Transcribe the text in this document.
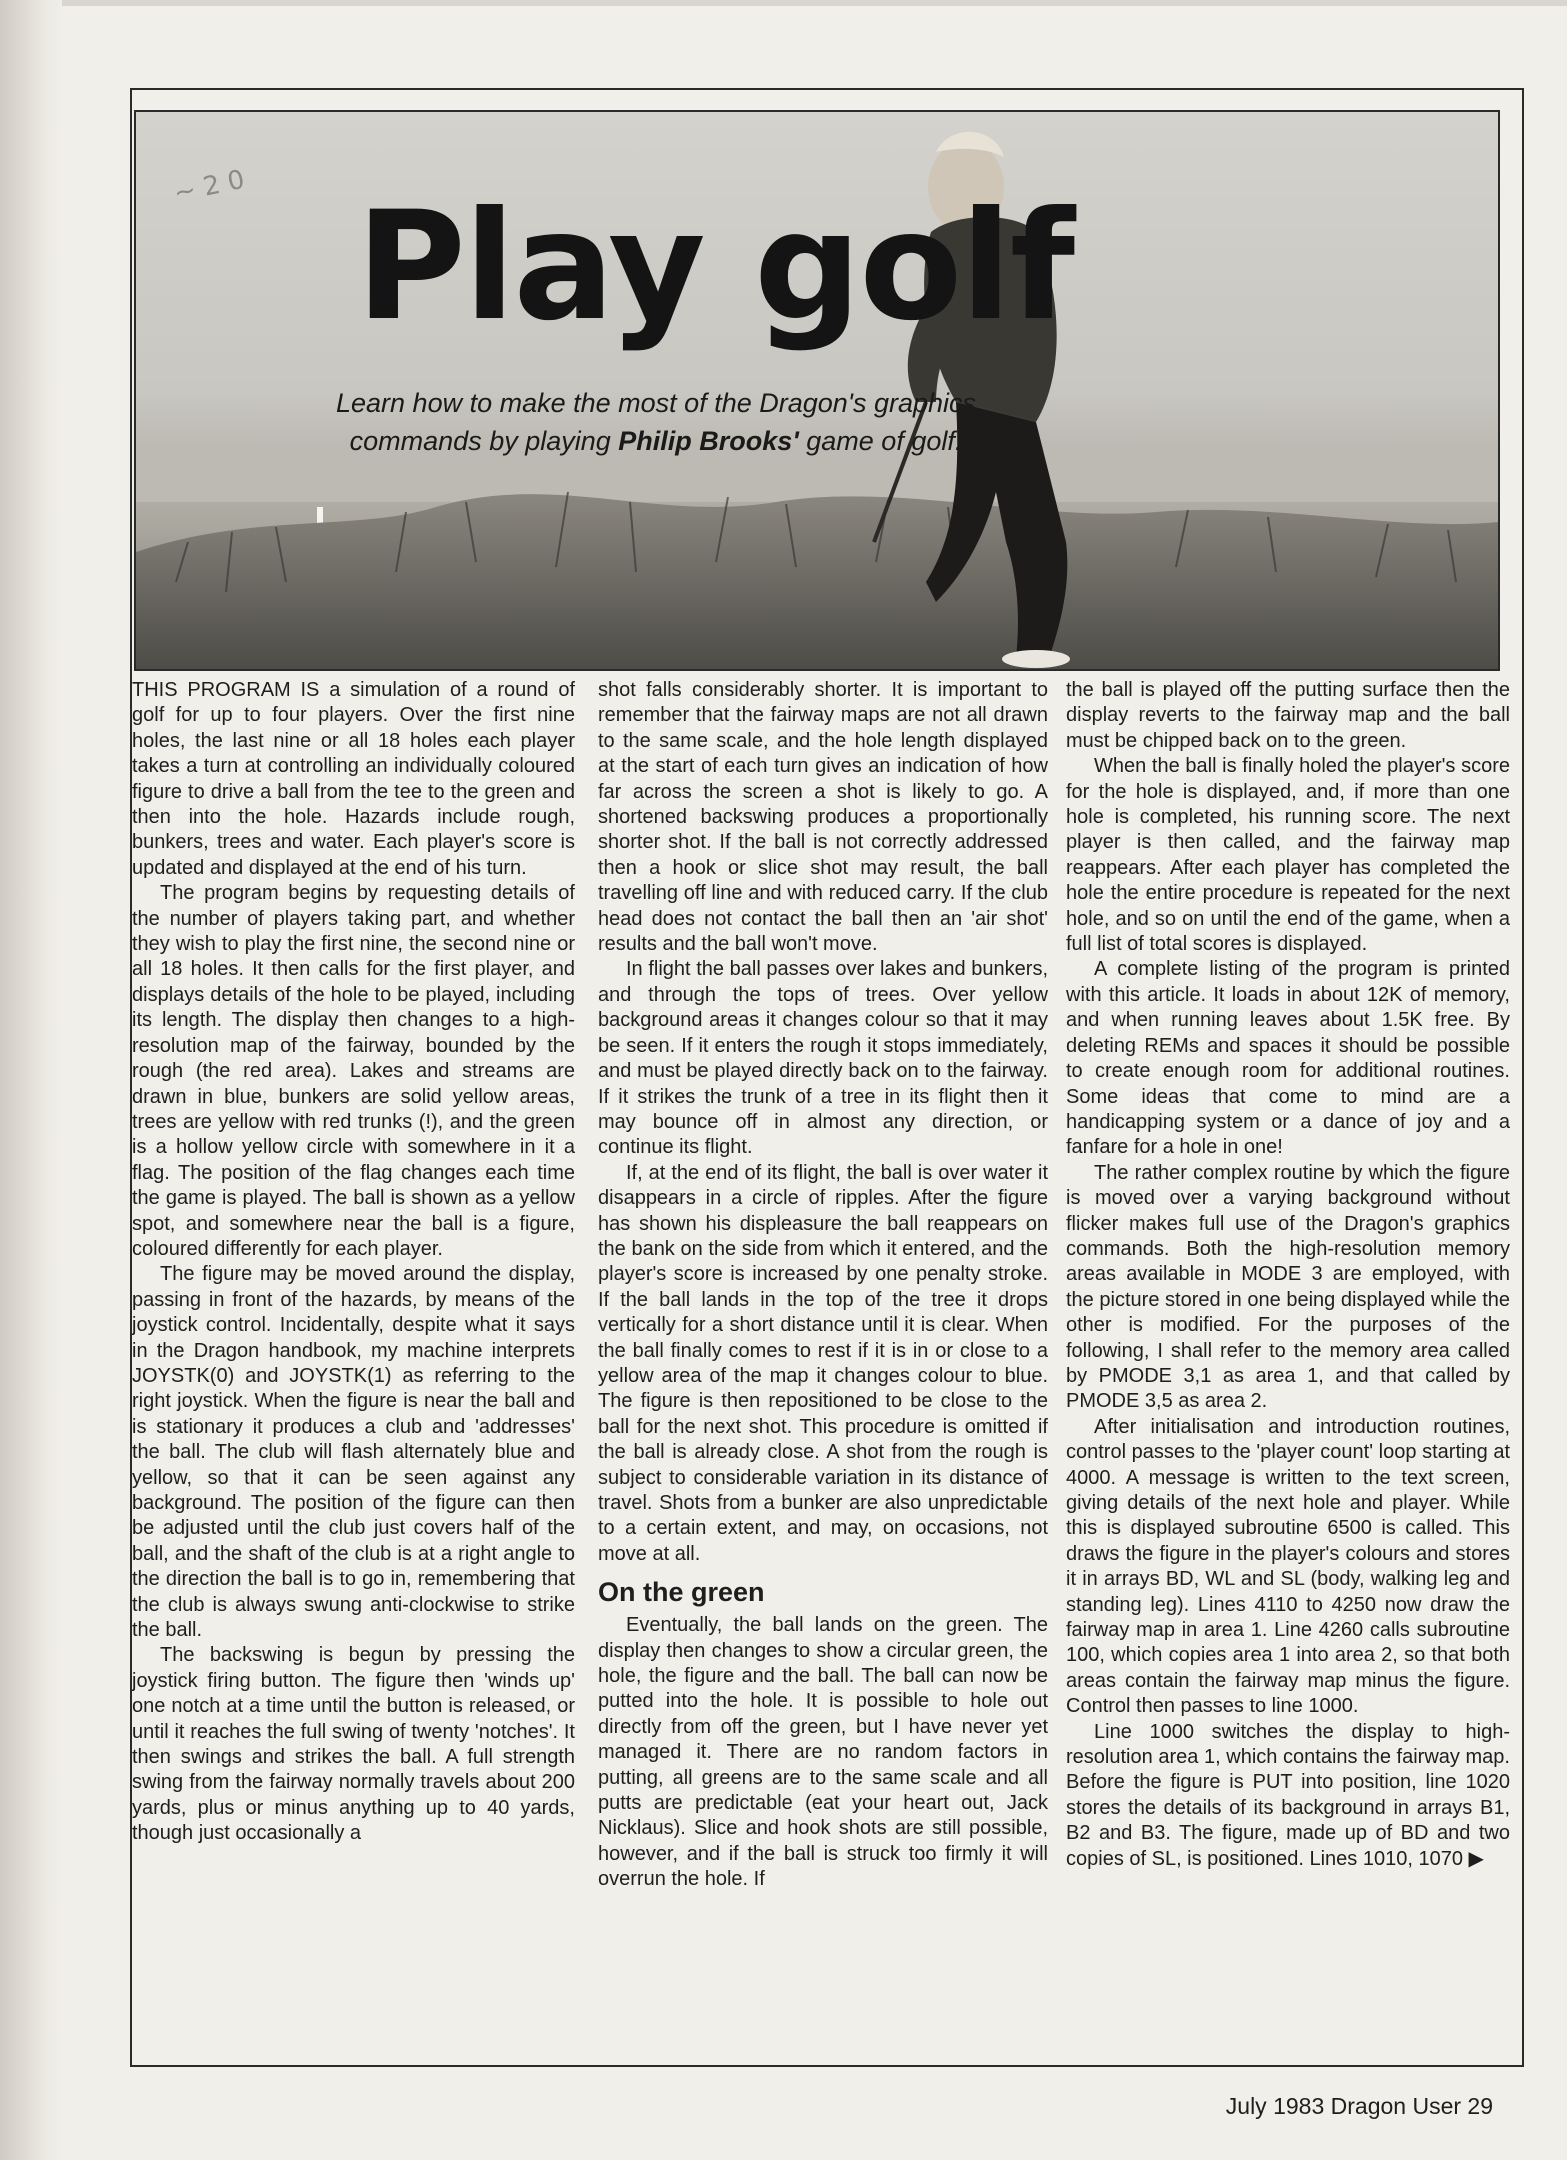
~ 2 0 Play golf

Learn how to make the most of the Dragon's graphics commands by playing Philip Brooks' game of golf.

THIS PROGRAM IS a simulation of a round of golf for up to four players. Over the first nine holes, the last nine or all 18 holes each player takes a turn at controlling an individually coloured figure to drive a ball from the tee to the green and then into the hole. Hazards include rough, bunkers, trees and water. Each player's score is updated and displayed at the end of his turn.

The program begins by requesting details of the number of players taking part, and whether they wish to play the first nine, the second nine or all 18 holes. It then calls for the first player, and displays details of the hole to be played, including its length. The display then changes to a high-resolution map of the fairway, bounded by the rough (the red area). Lakes and streams are drawn in blue, bunkers are solid yellow areas, trees are yellow with red trunks (!), and the green is a hollow yellow circle with somewhere in it a flag. The position of the flag changes each time the game is played. The ball is shown as a yellow spot, and somewhere near the ball is a figure, coloured differently for each player.

The figure may be moved around the display, passing in front of the hazards, by means of the joystick control. Incidentally, despite what it says in the Dragon handbook, my machine interprets JOYSTK(0) and JOYSTK(1) as referring to the right joystick. When the figure is near the ball and is stationary it produces a club and 'addresses' the ball. The club will flash alternately blue and yellow, so that it can be seen against any background. The position of the figure can then be adjusted until the club just covers half of the ball, and the shaft of the club is at a right angle to the direction the ball is to go in, remembering that the club is always swung anti-clockwise to strike the ball.

The backswing is begun by pressing the joystick firing button. The figure then 'winds up' one notch at a time until the button is released, or until it reaches the full swing of twenty 'notches'. It then swings and strikes the ball. A full strength swing from the fairway normally travels about 200 yards, plus or minus anything up to 40 yards, though just occasionally a

shot falls considerably shorter. It is important to remember that the fairway maps are not all drawn to the same scale, and the hole length displayed at the start of each turn gives an indication of how far across the screen a shot is likely to go. A shortened backswing produces a proportionally shorter shot. If the ball is not correctly addressed then a hook or slice shot may result, the ball travelling off line and with reduced carry. If the club head does not contact the ball then an 'air shot' results and the ball won't move.

In flight the ball passes over lakes and bunkers, and through the tops of trees. Over yellow background areas it changes colour so that it may be seen. If it enters the rough it stops immediately, and must be played directly back on to the fairway. If it strikes the trunk of a tree in its flight then it may bounce off in almost any direction, or continue its flight.

If, at the end of its flight, the ball is over water it disappears in a circle of ripples. After the figure has shown his displeasure the ball reappears on the bank on the side from which it entered, and the player's score is increased by one penalty stroke. If the ball lands in the top of the tree it drops vertically for a short distance until it is clear. When the ball finally comes to rest if it is in or close to a yellow area of the map it changes colour to blue. The figure is then repositioned to be close to the ball for the next shot. This procedure is omitted if the ball is already close. A shot from the rough is subject to considerable variation in its distance of travel. Shots from a bunker are also unpredictable to a certain extent, and may, on occasions, not move at all.

On the green

Eventually, the ball lands on the green. The display then changes to show a circular green, the hole, the figure and the ball. The ball can now be putted into the hole. It is possible to hole out directly from off the green, but I have never yet managed it. There are no random factors in putting, all greens are to the same scale and all putts are predictable (eat your heart out, Jack Nicklaus). Slice and hook shots are still possible, however, and if the ball is struck too firmly it will overrun the hole. If

the ball is played off the putting surface then the display reverts to the fairway map and the ball must be chipped back on to the green.

When the ball is finally holed the player's score for the hole is displayed, and, if more than one hole is completed, his running score. The next player is then called, and the fairway map reappears. After each player has completed the hole the entire procedure is repeated for the next hole, and so on until the end of the game, when a full list of total scores is displayed.

A complete listing of the program is printed with this article. It loads in about 12K of memory, and when running leaves about 1.5K free. By deleting REMs and spaces it should be possible to create enough room for additional routines. Some ideas that come to mind are a handicapping system or a dance of joy and a fanfare for a hole in one!

The rather complex routine by which the figure is moved over a varying background without flicker makes full use of the Dragon's graphics commands. Both the high-resolution memory areas available in MODE 3 are employed, with the picture stored in one being displayed while the other is modified. For the purposes of the following, I shall refer to the memory area called by PMODE 3,1 as area 1, and that called by PMODE 3,5 as area 2.

After initialisation and introduction routines, control passes to the 'player count' loop starting at 4000. A message is written to the text screen, giving details of the next hole and player. While this is displayed subroutine 6500 is called. This draws the figure in the player's colours and stores it in arrays BD, WL and SL (body, walking leg and standing leg). Lines 4110 to 4250 now draw the fairway map in area 1. Line 4260 calls subroutine 100, which copies area 1 into area 2, so that both areas contain the fairway map minus the figure. Control then passes to line 1000.

Line 1000 switches the display to high-resolution area 1, which contains the fairway map. Before the figure is PUT into position, line 1020 stores the details of its background in arrays B1, B2 and B3. The figure, made up of BD and two copies of SL, is positioned. Lines 1010, 1070 ▶

July 1983 Dragon User 29
